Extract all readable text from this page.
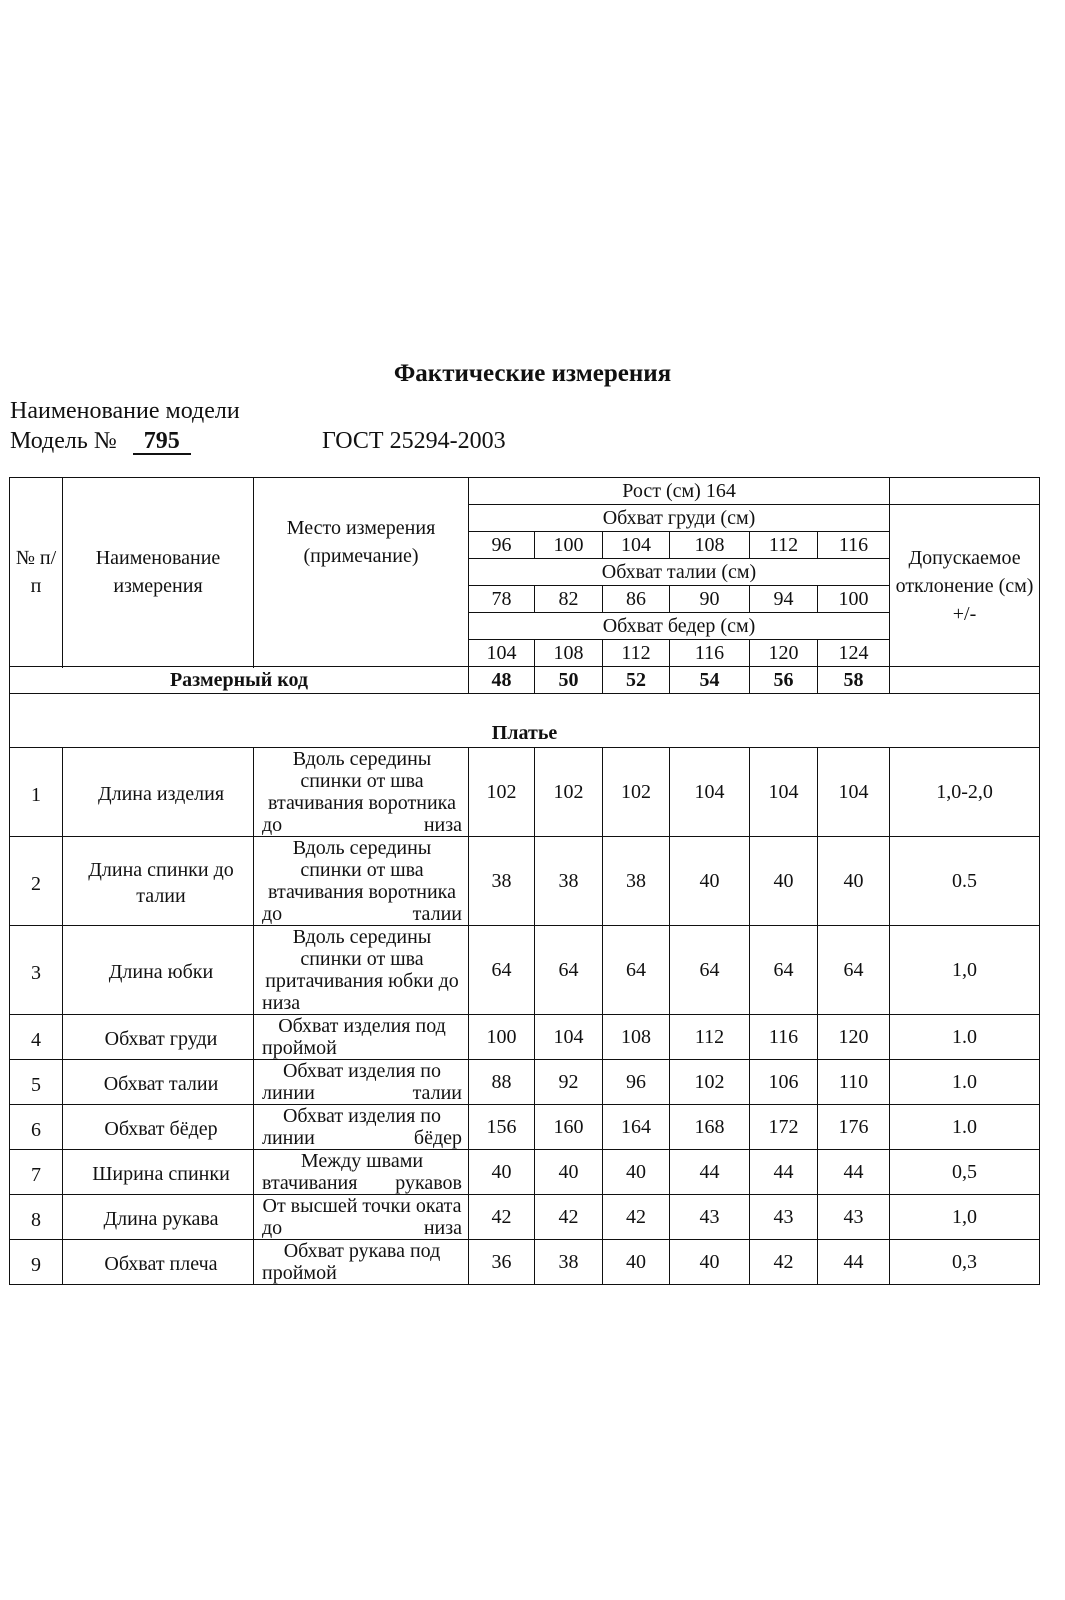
Фактические измерения
Наименование модели
Модель № 795	ГОСТ 25294-2003
№ п/п	Наименование измерения	Место измерения (примечание)	Рост (см) 164						
			Обхват груди (см)						Допускаемое отклонение (см) +/-
			96	100	104	108	112	116	
			Обхват талии (см)						
			78	82	86	90	94	100	
			Обхват бедер (см)						
			104	108	112	116	120	124	

Размерный код			48	50	52	54	56	58	
Платье									
1	Длина изделия	Вдоль середины спинки от шва втачивания воротника до низа	102	102	102	104	104	104	1,0-2,0
2	Длина спинки до талии	Вдоль середины спинки от шва втачивания воротника до талии	38	38	38	40	40	40	0.5
3	Длина юбки	Вдоль середины спинки от шва притачивания юбки до низа	64	64	64	64	64	64	1,0
4	Обхват груди	Обхват изделия под проймой	100	104	108	112	116	120	1.0
5	Обхват талии	Обхват изделия по линии талии	88	92	96	102	106	110	1.0
6	Обхват бёдер	Обхват изделия по линии бёдер	156	160	164	168	172	176	1.0
7	Ширина спинки	Между швами втачивания рукавов	40	40	40	44	44	44	0,5
8	Длина рукава	От высшей точки оката до низа	42	42	42	43	43	43	1,0
9	Обхват плеча	Обхват рукава под проймой	36	38	40	40	42	44	0,3
